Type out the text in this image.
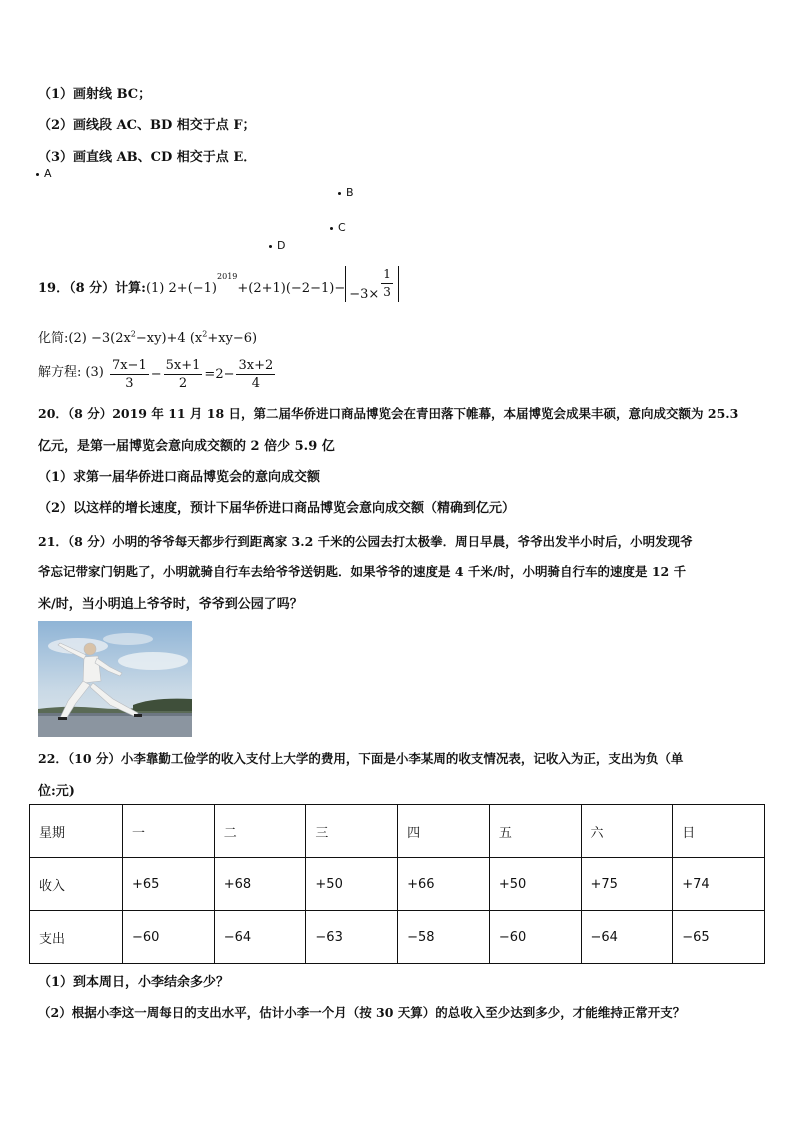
（1）画射线 BC；
（2）画线段 AC、BD 相交于点 F；
（3）画直线 AB、CD 相交于点 E．
A
B
C
D
19．（8 分）计算:(1) $2+(-1)^{2019}+(2+1)(-2-1)- -3\times \frac{1}{3}$
化简:(2) $-3(2x^2-xy)+4$ $(x^2+xy-6)$
解方程: $(3) \frac{7x-1}{3} - \frac{5x+1}{2} =2- \frac{3x+2}{4}$
20．（8 分）2019 年 11 月 18 日，第二届华侨进口商品博览会在青田落下帷幕，本届博览会成果丰硕，意向成交额为 25.3
亿元，是第一届博览会意向成交额的 2 倍少 5.9 亿
（1）求第一届华侨进口商品博览会的意向成交额
（2）以这样的增长速度，预计下届华侨进口商品博览会意向成交额（精确到亿元）
21．（8 分）小明的爷爷每天都步行到距离家 3.2 千米的公园去打太极拳．周日早晨，爷爷出发半小时后，小明发现爷
爷忘记带家门钥匙了，小明就骑自行车去给爷爷送钥匙．如果爷爷的速度是 4 千米/时，小明骑自行车的速度是 12 千
米/时，当小明追上爷爷时，爷爷到公园了吗？
22．（10 分）小李靠勤工俭学的收入支付上大学的费用，下面是小李某周的收支情况表，记收入为正，支出为负（单
位:元)
星期	一	二	三	四	五	六	日
收入	+65	+68	+50	+66	+50	+75	+74
支出	−60	−64	−63	−58	−60	−64	−65
（1）到本周日，小李结余多少？
（2）根据小李这一周每日的支出水平，估计小李一个月（按 30 天算）的总收入至少达到多少，才能维持正常开支？
